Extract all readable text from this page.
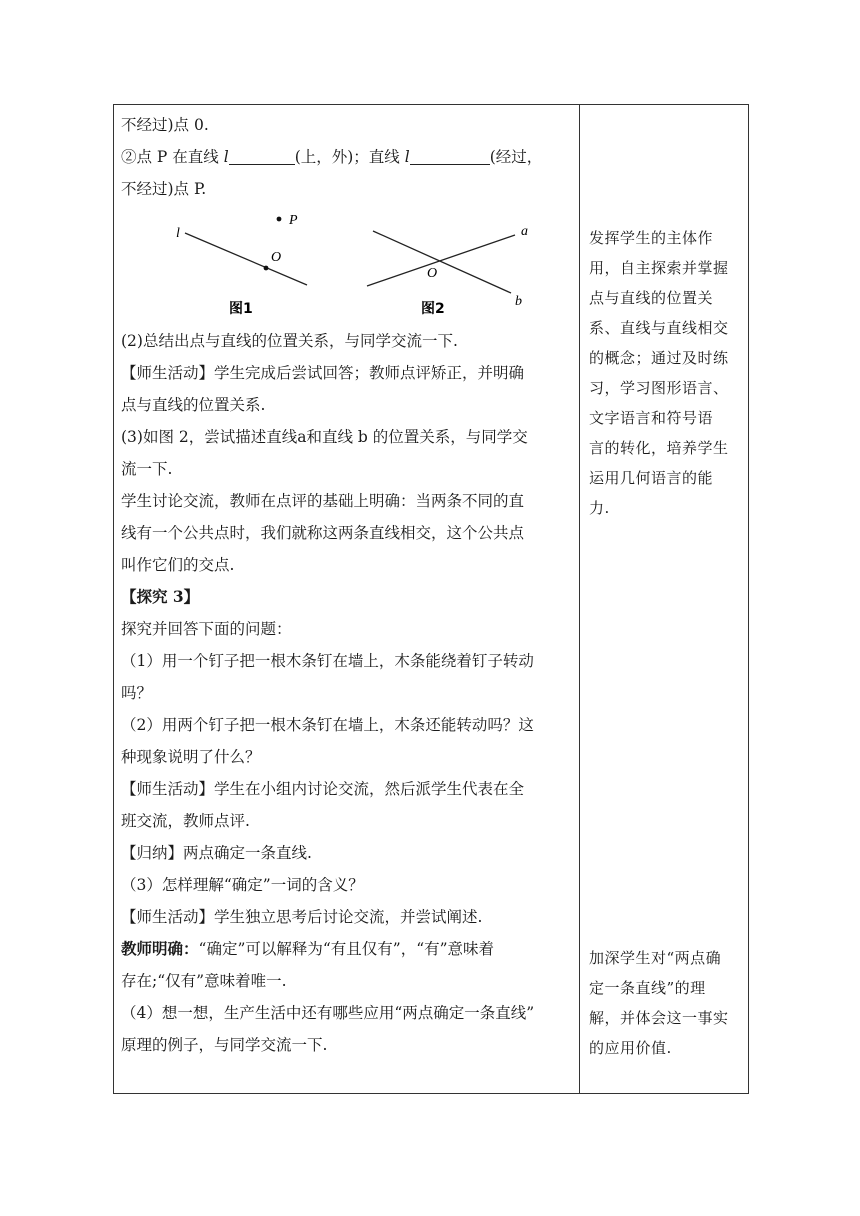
不经过)点 0.
②点 P 在直线 l	(上，外)；直线 l	(经过，
不经过)点 P.
P
l
O
图1
a
b
O
图2
(2)总结出点与直线的位置关系，与同学交流一下.
【师生活动】学生完成后尝试回答；教师点评矫正，并明确
点与直线的位置关系.
(3)如图 2，尝试描述直线a和直线 b 的位置关系，与同学交
流一下.
学生讨论交流，教师在点评的基础上明确：当两条不同的直
线有一个公共点时，我们就称这两条直线相交，这个公共点
叫作它们的交点.
【探究 3】
探究并回答下面的问题：
（1）用一个钉子把一根木条钉在墙上，木条能绕着钉子转动
吗？
（2）用两个钉子把一根木条钉在墙上，木条还能转动吗？这
种现象说明了什么？
【师生活动】学生在小组内讨论交流，然后派学生代表在全
班交流，教师点评.
【归纳】两点确定一条直线.
（3）怎样理解“确定”一词的含义？
【师生活动】学生独立思考后讨论交流，并尝试阐述.
教师明确：“确定”可以解释为“有且仅有”，“有”意味着
存在;“仅有”意味着唯一.
（4）想一想，生产生活中还有哪些应用“两点确定一条直线”
原理的例子，与同学交流一下.
发挥学生的主体作
用，自主探索并掌握
点与直线的位置关
系、直线与直线相交
的概念；通过及时练
习，学习图形语言、
文字语言和符号语
言的转化，培养学生
运用几何语言的能
力.
加深学生对“两点确
定一条直线”的理
解，并体会这一事实
的应用价值.
